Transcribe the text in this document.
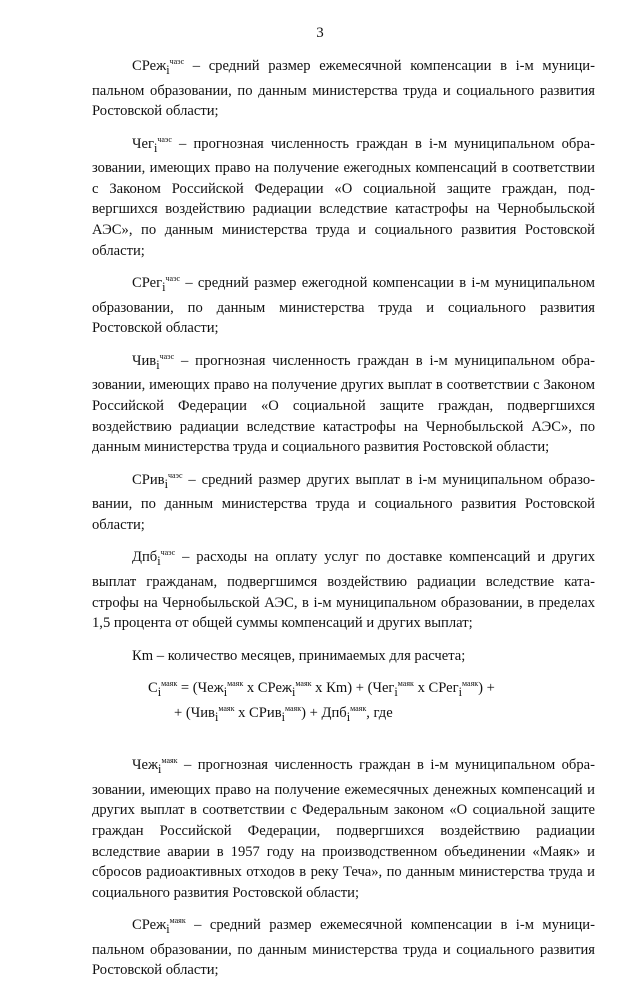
3

СРеж$_i^{чаэс}$ – средний размер ежемесячной компенсации в i-м муниципальном образовании, по данным министерства труда и социального развития Ростовской области;

Чег$_i^{чаэс}$ – прогнозная численность граждан в i-м муниципальном образовании, имеющих право на получение ежегодных компенсаций в соответствии с Законом Российской Федерации «О социальной защите граждан, подвергшихся воздействию радиации вследствие катастрофы на Чернобыльской АЭС», по данным министерства труда и социального развития Ростовской области;

СРег$_i^{чаэс}$ – средний размер ежегодной компенсации в i-м муниципальном образовании, по данным министерства труда и социального развития Ростовской области;

Чив$_i^{чаэс}$ – прогнозная численность граждан в i-м муниципальном образовании, имеющих право на получение других выплат в соответствии с Законом Российской Федерации «О социальной защите граждан, подвергшихся воздействию радиации вследствие катастрофы на Чернобыльской АЭС», по данным министерства труда и социального развития Ростовской области;

СРив$_i^{чаэс}$ – средний размер других выплат в i-м муниципальном образовании, по данным министерства труда и социального развития Ростовской области;

Дпб$_i^{чаэс}$ – расходы на оплату услуг по доставке компенсаций и других выплат гражданам, подвергшимся воздействию радиации вследствие катастрофы на Чернобыльской АЭС, в i-м муниципальном образовании, в пределах 1,5 процента от общей суммы компенсаций и других выплат;

Кm – количество месяцев, принимаемых для расчета;

$С_i^{маяк} = (Чеж_i^{маяк}$ х СРеж$_i^{маяк}$ х Кm) + (Чег$_i^{маяк}$ х СРег$_i^{маяк}$) +
+ (Чив$_i^{маяк}$ х СРив$_i^{маяк}$) + Дпб$_i^{маяк}$, где

Чеж$_i^{маяк}$ – прогнозная численность граждан в i-м муниципальном образовании, имеющих право на получение ежемесячных денежных компенсаций и других выплат в соответствии с Федеральным законом «О социальной защите граждан Российской Федерации, подвергшихся воздействию радиации вследствие аварии в 1957 году на производственном объединении «Маяк» и сбросов радиоактивных отходов в реку Теча», по данным министерства труда и социального развития Ростовской области;

СРеж$_i^{маяк}$ – средний размер ежемесячной компенсации в i-м муниципальном образовании, по данным министерства труда и социального развития Ростовской области;
